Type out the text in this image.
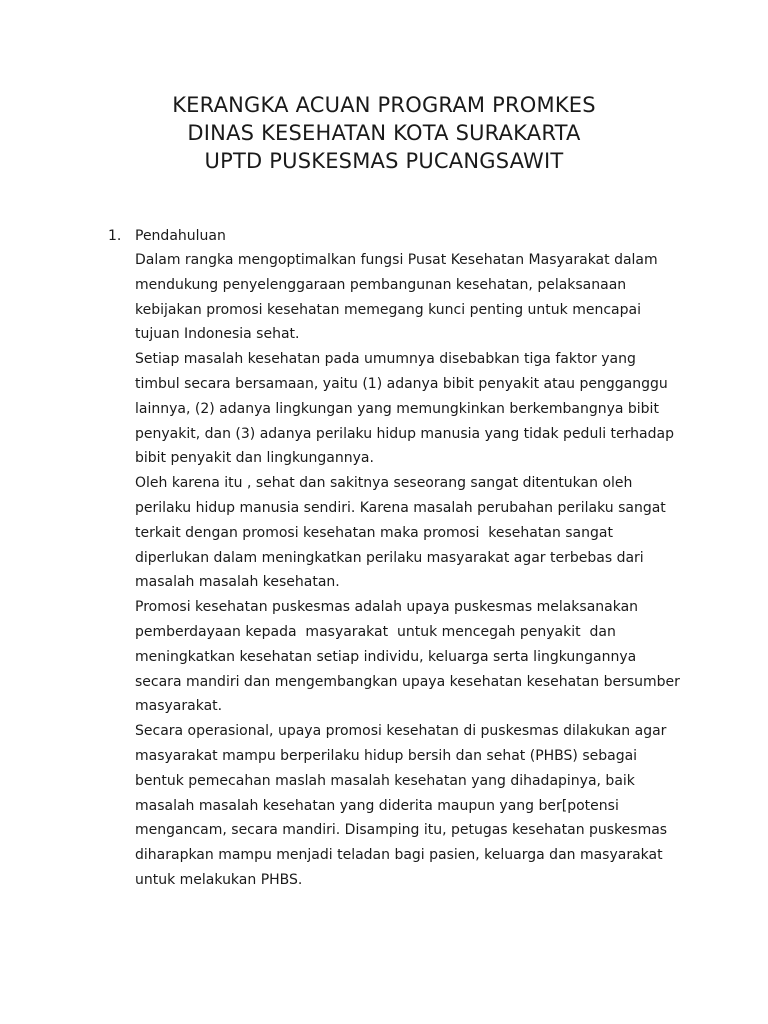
KERANGKA ACUAN PROGRAM PROMKES
DINAS KESEHATAN KOTA SURAKARTA
UPTD PUSKESMAS PUCANGSAWIT
1. Pendahuluan
Dalam rangka mengoptimalkan fungsi Pusat Kesehatan Masyarakat dalam
mendukung penyelenggaraan pembangunan kesehatan, pelaksanaan
kebijakan promosi kesehatan memegang kunci penting untuk mencapai
tujuan Indonesia sehat.
Setiap masalah kesehatan pada umumnya disebabkan tiga faktor yang
timbul secara bersamaan, yaitu (1) adanya bibit penyakit atau pengganggu
lainnya, (2) adanya lingkungan yang memungkinkan berkembangnya bibit
penyakit, dan (3) adanya perilaku hidup manusia yang tidak peduli terhadap
bibit penyakit dan lingkungannya.
Oleh karena itu , sehat dan sakitnya seseorang sangat ditentukan oleh
perilaku hidup manusia sendiri. Karena masalah perubahan perilaku sangat
terkait dengan promosi kesehatan maka promosi  kesehatan sangat
diperlukan dalam meningkatkan perilaku masyarakat agar terbebas dari
masalah masalah kesehatan.
Promosi kesehatan puskesmas adalah upaya puskesmas melaksanakan
pemberdayaan kepada  masyarakat  untuk mencegah penyakit  dan
meningkatkan kesehatan setiap individu, keluarga serta lingkungannya
secara mandiri dan mengembangkan upaya kesehatan kesehatan bersumber
masyarakat.
Secara operasional, upaya promosi kesehatan di puskesmas dilakukan agar
masyarakat mampu berperilaku hidup bersih dan sehat (PHBS) sebagai
bentuk pemecahan maslah masalah kesehatan yang dihadapinya, baik
masalah masalah kesehatan yang diderita maupun yang ber[potensi
mengancam, secara mandiri. Disamping itu, petugas kesehatan puskesmas
diharapkan mampu menjadi teladan bagi pasien, keluarga dan masyarakat
untuk melakukan PHBS.
